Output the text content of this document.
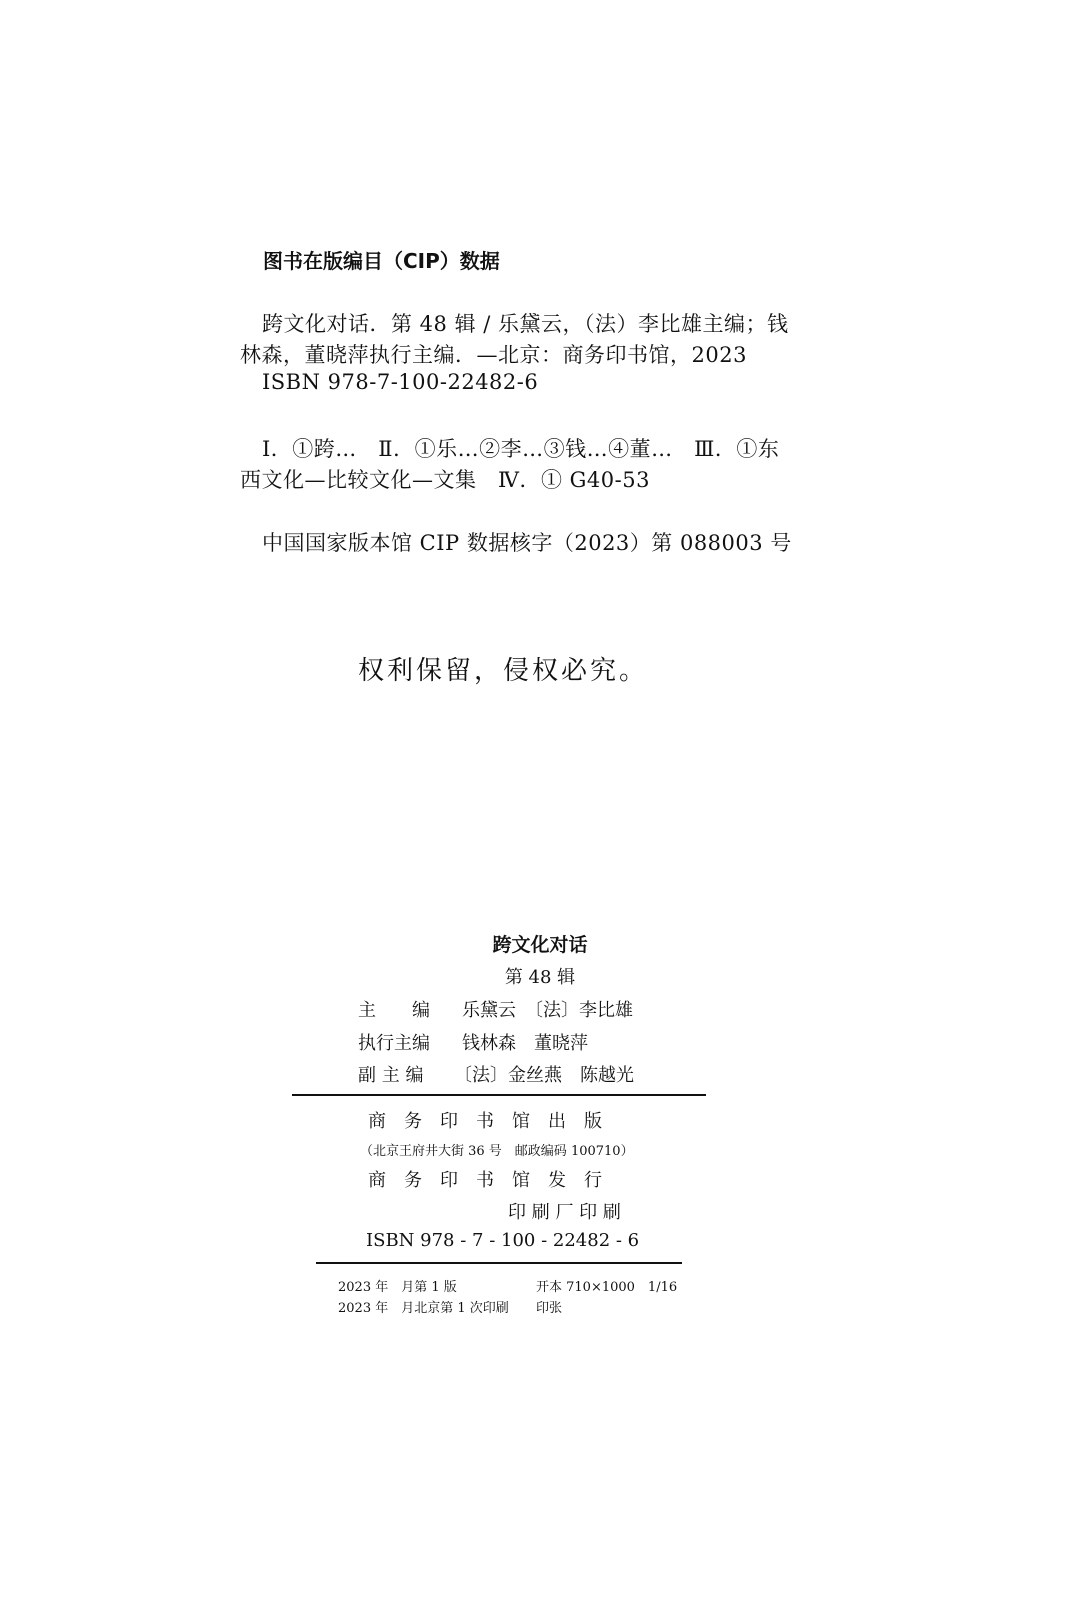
图书在版编目（CIP）数据
跨文化对话．第 48 辑 / 乐黛云，（法）李比雄主编；钱
林森，董晓萍执行主编．—北京：商务印书馆，2023
ISBN 978-7-100-22482-6
Ⅰ．①跨…　Ⅱ．①乐…②李…③钱…④董…　Ⅲ．①东
西文化—比较文化—文集　Ⅳ．① G40-53
中国国家版本馆 CIP 数据核字（2023）第 088003 号
权利保留，侵权必究。
跨文化对话
第 48 辑
主　　编 乐黛云　〔法〕李比雄
执行主编 钱林森　董晓萍
副 主 编 〔法〕金丝燕　陈越光
商　务　印　书　馆　出　版
（北京王府井大街 36 号　邮政编码 100710）
商　务　印　书　馆　发　行
印 刷 厂 印 刷
ISBN 978 - 7 - 100 - 22482 - 6
2023 年　月第 1 版	开本 710×1000　1/16
2023 年　月北京第 1 次印刷 印张
